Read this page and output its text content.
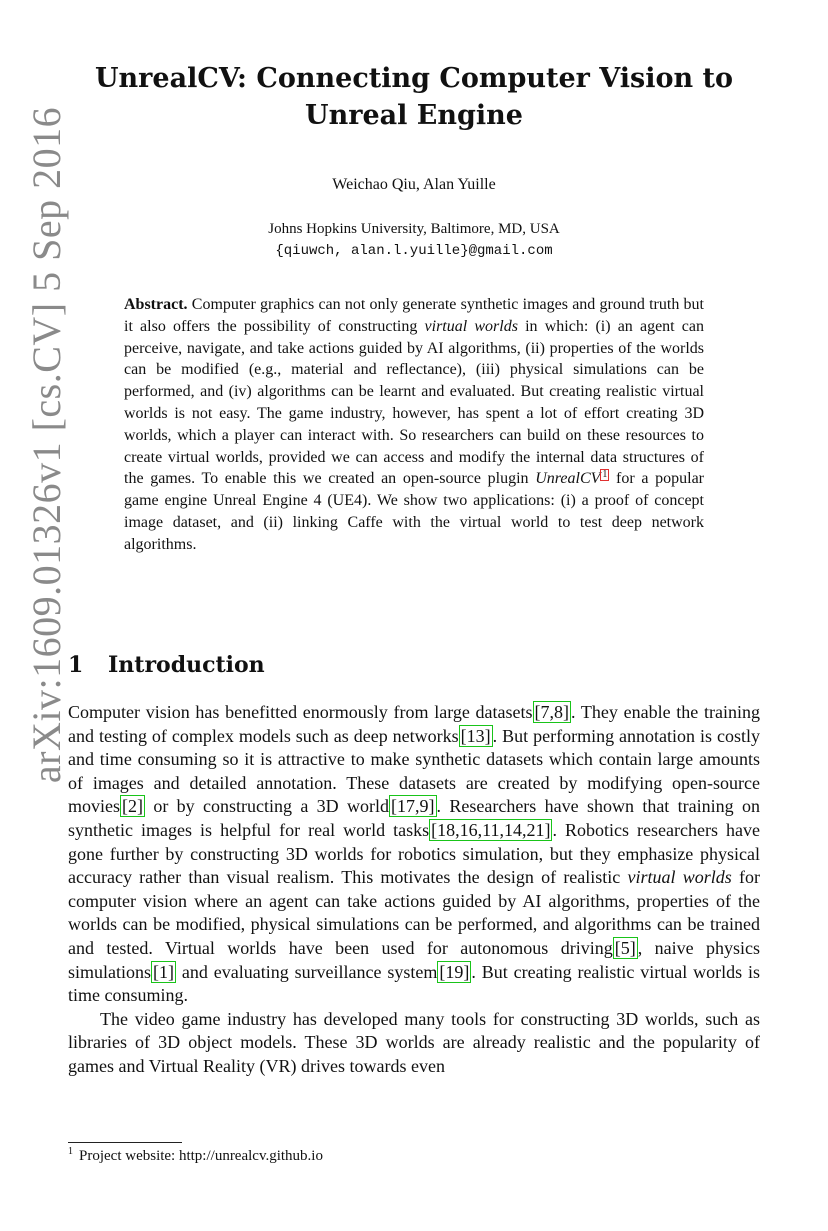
arXiv:1609.01326v1 [cs.CV] 5 Sep 2016
UnrealCV: Connecting Computer Vision to
Unreal Engine
Weichao Qiu, Alan Yuille
Johns Hopkins University, Baltimore, MD, USA
{qiuwch, alan.l.yuille}@gmail.com
Abstract. Computer graphics can not only generate synthetic images and ground truth but it also offers the possibility of constructing virtual worlds in which: (i) an agent can perceive, navigate, and take actions guided by AI algorithms, (ii) properties of the worlds can be modified (e.g., material and reflectance), (iii) physical simulations can be performed, and (iv) algorithms can be learnt and evaluated. But creating realistic virtual worlds is not easy. The game industry, however, has spent a lot of effort creating 3D worlds, which a player can interact with. So researchers can build on these resources to create virtual worlds, provided we can access and modify the internal data structures of the games. To enable this we created an open-source plugin UnrealCV 1 for a popular game engine Unreal Engine 4 (UE4). We show two applications: (i) a proof of concept image dataset, and (ii) linking Caffe with the virtual world to test deep network algorithms.
1 Introduction

Computer vision has benefitted enormously from large datasets [7,8] . They enable the training and testing of complex models such as deep networks [13] . But performing annotation is costly and time consuming so it is attractive to make synthetic datasets which contain large amounts of images and detailed annotation. These datasets are created by modifying open-source movies [2] or by constructing a 3D world [17,9] . Researchers have shown that training on synthetic images is helpful for real world tasks [18,16,11,14,21] . Robotics researchers have gone further by constructing 3D worlds for robotics simulation, but they emphasize physical accuracy rather than visual realism. This motivates the design of realistic virtual worlds for computer vision where an agent can take actions guided by AI algorithms, properties of the worlds can be modified, physical simulations can be performed, and algorithms can be trained and tested. Virtual worlds have been used for autonomous driving [5] , naive physics simulations [1] and evaluating surveillance system [19] . But creating realistic virtual worlds is time consuming.

The video game industry has developed many tools for constructing 3D worlds, such as libraries of 3D object models. These 3D worlds are already realistic and the popularity of games and Virtual Reality (VR) drives towards even

$^1$ Project website: http://unrealcv.github.io
